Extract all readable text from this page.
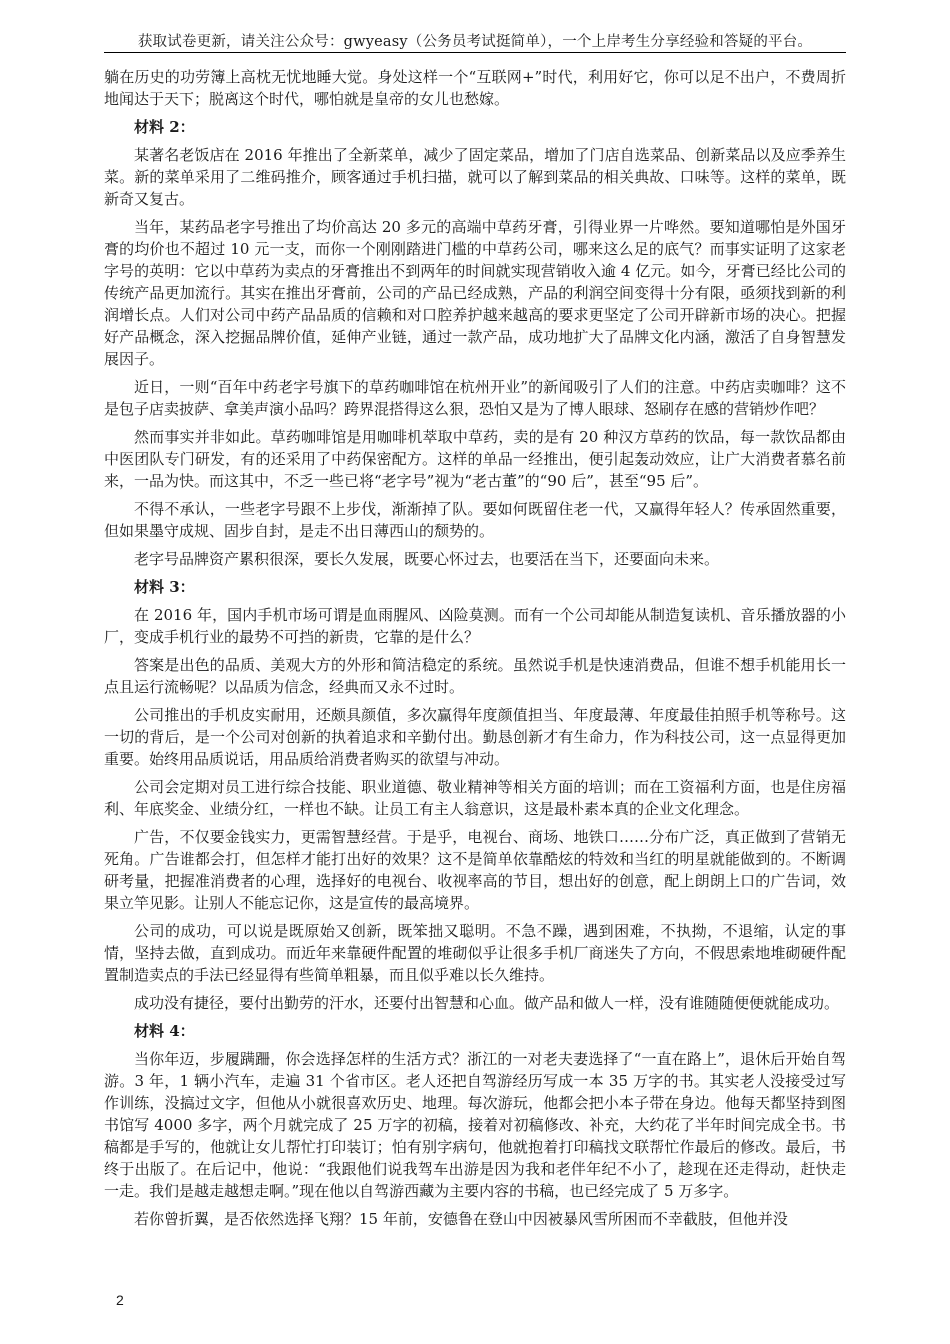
获取试卷更新，请关注公众号：gwyeasy（公务员考试挺简单），一个上岸考生分享经验和答疑的平台。

躺在历史的功劳簿上高枕无忧地睡大觉。身处这样一个“互联网+”时代，利用好它，你可以足不出户，不费周折地闻达于天下；脱离这个时代，哪怕就是皇帝的女儿也愁嫁。

材料 2：

某著名老饭店在 2016 年推出了全新菜单，减少了固定菜品，增加了门店自选菜品、创新菜品以及应季养生菜。新的菜单采用了二维码推介，顾客通过手机扫描，就可以了解到菜品的相关典故、口味等。这样的菜单，既新奇又复古。

当年，某药品老字号推出了均价高达 20 多元的高端中草药牙膏，引得业界一片哗然。要知道哪怕是外国牙膏的均价也不超过 10 元一支，而你一个刚刚踏进门槛的中草药公司，哪来这么足的底气？而事实证明了这家老字号的英明：它以中草药为卖点的牙膏推出不到两年的时间就实现营销收入逾 4 亿元。如今，牙膏已经比公司的传统产品更加流行。其实在推出牙膏前，公司的产品已经成熟，产品的利润空间变得十分有限，亟须找到新的利润增长点。人们对公司中药产品品质的信赖和对口腔养护越来越高的要求更坚定了公司开辟新市场的决心。把握好产品概念，深入挖掘品牌价值，延伸产业链，通过一款产品，成功地扩大了品牌文化内涵，激活了自身智慧发展因子。

近日，一则“百年中药老字号旗下的草药咖啡馆在杭州开业”的新闻吸引了人们的注意。中药店卖咖啡？这不是包子店卖披萨、拿美声演小品吗？跨界混搭得这么狠，恐怕又是为了博人眼球、怒刷存在感的营销炒作吧？

然而事实并非如此。草药咖啡馆是用咖啡机萃取中草药，卖的是有 20 种汉方草药的饮品，每一款饮品都由中医团队专门研发，有的还采用了中药保密配方。这样的单品一经推出，便引起轰动效应，让广大消费者慕名前来，一品为快。而这其中，不乏一些已将“老字号”视为“老古董”的“90 后”，甚至“95 后”。

不得不承认，一些老字号跟不上步伐，渐渐掉了队。要如何既留住老一代，又赢得年轻人？传承固然重要，但如果墨守成规、固步自封，是走不出日薄西山的颓势的。

老字号品牌资产累积很深，要长久发展，既要心怀过去，也要活在当下，还要面向未来。

材料 3：

在 2016 年，国内手机市场可谓是血雨腥风、凶险莫测。而有一个公司却能从制造复读机、音乐播放器的小厂，变成手机行业的最势不可挡的新贵，它靠的是什么？

答案是出色的品质、美观大方的外形和简洁稳定的系统。虽然说手机是快速消费品，但谁不想手机能用长一点且运行流畅呢？以品质为信念，经典而又永不过时。

公司推出的手机皮实耐用，还颇具颜值，多次赢得年度颜值担当、年度最薄、年度最佳拍照手机等称号。这一切的背后，是一个公司对创新的执着追求和辛勤付出。勤恳创新才有生命力，作为科技公司，这一点显得更加重要。始终用品质说话，用品质给消费者购买的欲望与冲动。

公司会定期对员工进行综合技能、职业道德、敬业精神等相关方面的培训；而在工资福利方面，也是住房福利、年底奖金、业绩分红，一样也不缺。让员工有主人翁意识，这是最朴素本真的企业文化理念。

广告，不仅要金钱实力，更需智慧经营。于是乎，电视台、商场、地铁口……分布广泛，真正做到了营销无死角。广告谁都会打，但怎样才能打出好的效果？这不是简单依靠酷炫的特效和当红的明星就能做到的。不断调研考量，把握准消费者的心理，选择好的电视台、收视率高的节目，想出好的创意，配上朗朗上口的广告词，效果立竿见影。让别人不能忘记你，这是宣传的最高境界。

公司的成功，可以说是既原始又创新，既笨拙又聪明。不急不躁，遇到困难，不执拗，不退缩，认定的事情，坚持去做，直到成功。而近年来靠硬件配置的堆砌似乎让很多手机厂商迷失了方向，不假思索地堆砌硬件配置制造卖点的手法已经显得有些简单粗暴，而且似乎难以长久维持。

成功没有捷径，要付出勤劳的汗水，还要付出智慧和心血。做产品和做人一样，没有谁随随便便就能成功。

材料 4：

当你年迈，步履蹒跚，你会选择怎样的生活方式？浙江的一对老夫妻选择了“一直在路上”，退休后开始自驾游。3 年，1 辆小汽车，走遍 31 个省市区。老人还把自驾游经历写成一本 35 万字的书。其实老人没接受过写作训练，没搞过文字，但他从小就很喜欢历史、地理。每次游玩，他都会把小本子带在身边。他每天都坚持到图书馆写 4000 多字，两个月就完成了 25 万字的初稿，接着对初稿修改、补充，大约花了半年时间完成全书。书稿都是手写的，他就让女儿帮忙打印装订；怕有别字病句，他就抱着打印稿找文联帮忙作最后的修改。最后，书终于出版了。在后记中，他说：“我跟他们说我驾车出游是因为我和老伴年纪不小了，趁现在还走得动，赶快走一走。我们是越走越想走啊。”现在他以自驾游西藏为主要内容的书稿，也已经完成了 5 万多字。

若你曾折翼，是否依然选择飞翔？15 年前，安德鲁在登山中因被暴风雪所困而不幸截肢，但他并没

2
